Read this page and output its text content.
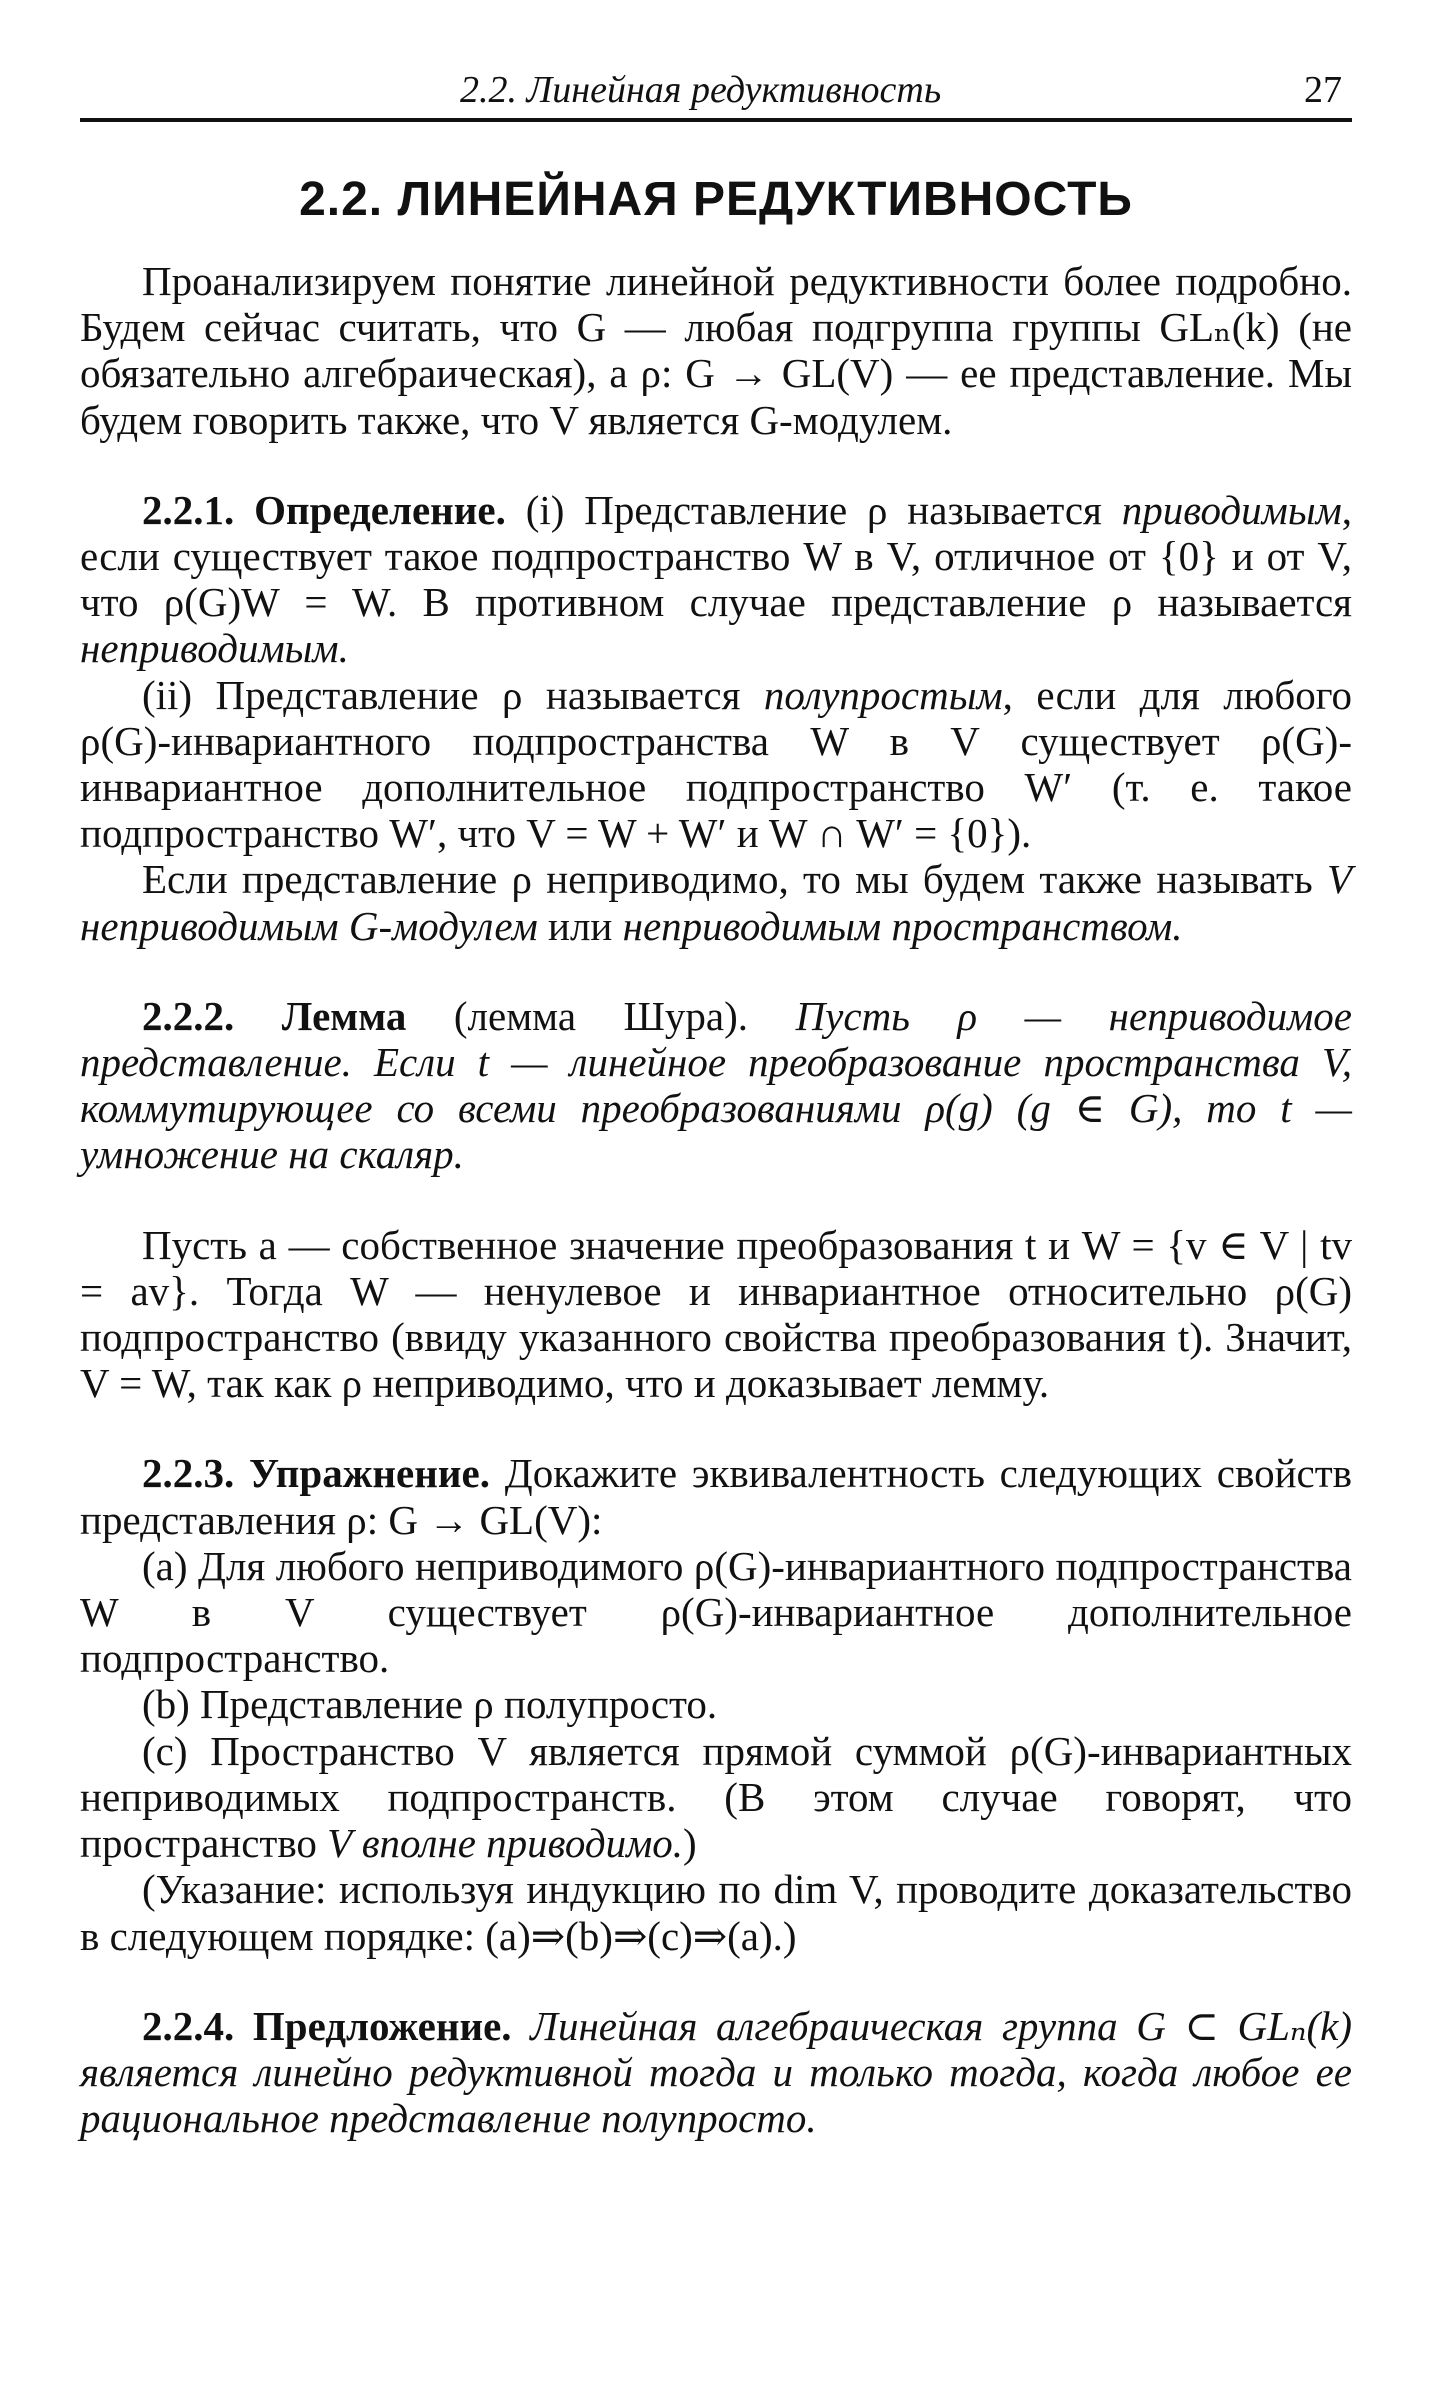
2.2. Линейная редуктивность	27
2.2. ЛИНЕЙНАЯ РЕДУКТИВНОСТЬ

Проанализируем понятие линейной редуктивности более подробно. Будем сейчас считать, что G — любая подгруппа группы GLₙ(k) (не обязательно алгебраическая), а ρ: G → GL(V) — ее представление. Мы будем говорить также, что V является G-модулем.

2.2.1. Определение. (i) Представление ρ называется приводимым, если существует такое подпространство W в V, отличное от {0} и от V, что ρ(G)W = W. В противном случае представление ρ называется неприводимым.

(ii) Представление ρ называется полупростым, если для любого ρ(G)-инвариантного подпространства W в V существует ρ(G)-инвариантное дополнительное подпространство W′ (т. е. такое подпространство W′, что V = W + W′ и W ∩ W′ = {0}).

Если представление ρ неприводимо, то мы будем также называть V неприводимым G-модулем или неприводимым пространством.

2.2.2. Лемма (лемма Шура). Пусть ρ — неприводимое представление. Если t — линейное преобразование пространства V, коммутирующее со всеми преобразованиями ρ(g) (g ∈ G), то t — умножение на скаляр.

Пусть a — собственное значение преобразования t и W = {v ∈ V | tv = av}. Тогда W — ненулевое и инвариантное относительно ρ(G) подпространство (ввиду указанного свойства преобразования t). Значит, V = W, так как ρ неприводимо, что и доказывает лемму.

2.2.3. Упражнение. Докажите эквивалентность следующих свойств представления ρ: G → GL(V):

(a) Для любого неприводимого ρ(G)-инвариантного подпространства W в V существует ρ(G)-инвариантное дополнительное подпространство.

(b) Представление ρ полупросто.

(c) Пространство V является прямой суммой ρ(G)-инвариантных неприводимых подпространств. (В этом случае говорят, что пространство V вполне приводимо.)

(Указание: используя индукцию по dim V, проводите доказательство в следующем порядке: (a)⇒(b)⇒(c)⇒(a).)

2.2.4. Предложение. Линейная алгебраическая группа G ⊂ GLₙ(k) является линейно редуктивной тогда и только тогда, когда любое ее рациональное представление полупросто.
